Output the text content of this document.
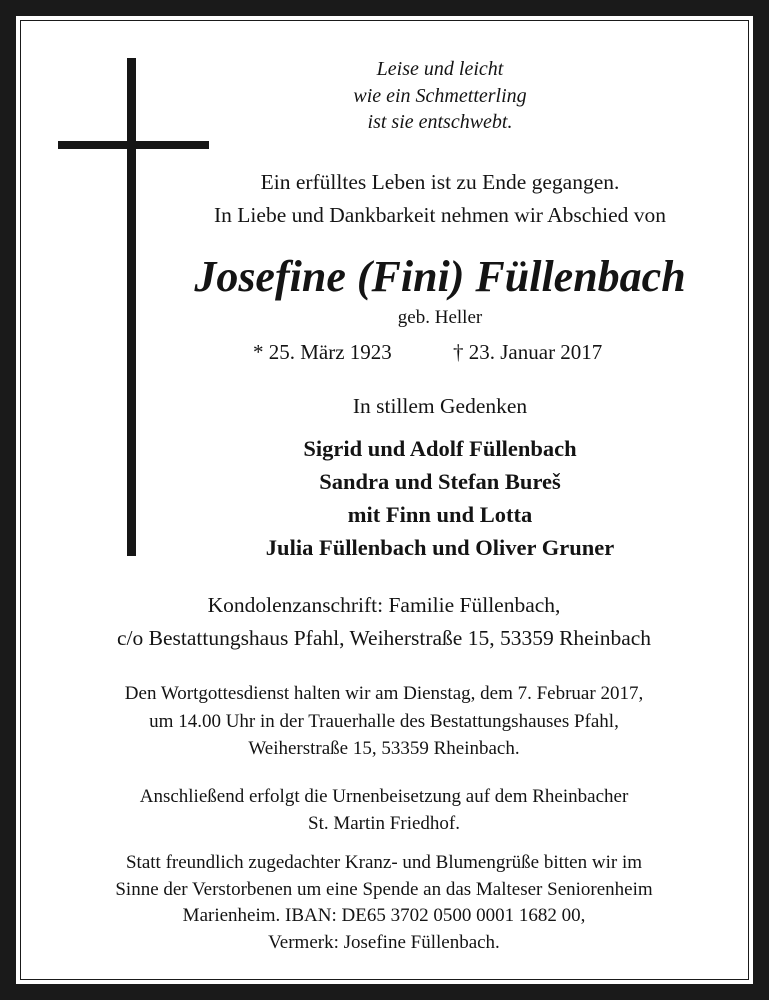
Leise und leicht
wie ein Schmetterling
ist sie entschwebt.
Ein erfülltes Leben ist zu Ende gegangen.
In Liebe und Dankbarkeit nehmen wir Abschied von
Josefine (Fini) Füllenbach
geb. Heller
* 25. März 1923	† 23. Januar 2017
In stillem Gedenken
Sigrid und Adolf Füllenbach
Sandra und Stefan Bureš
mit Finn und Lotta
Julia Füllenbach und Oliver Gruner
Kondolenzanschrift: Familie Füllenbach,
c/o Bestattungshaus Pfahl, Weiherstraße 15, 53359 Rheinbach
Den Wortgottesdienst halten wir am Dienstag, dem 7. Februar 2017,
um 14.00 Uhr in der Trauerhalle des Bestattungshauses Pfahl,
Weiherstraße 15, 53359 Rheinbach.
Anschließend erfolgt die Urnenbeisetzung auf dem Rheinbacher
St. Martin Friedhof.
Statt freundlich zugedachter Kranz- und Blumengrüße bitten wir im
Sinne der Verstorbenen um eine Spende an das Malteser Seniorenheim
Marienheim. IBAN: DE65 3702 0500 0001 1682 00,
Vermerk: Josefine Füllenbach.
